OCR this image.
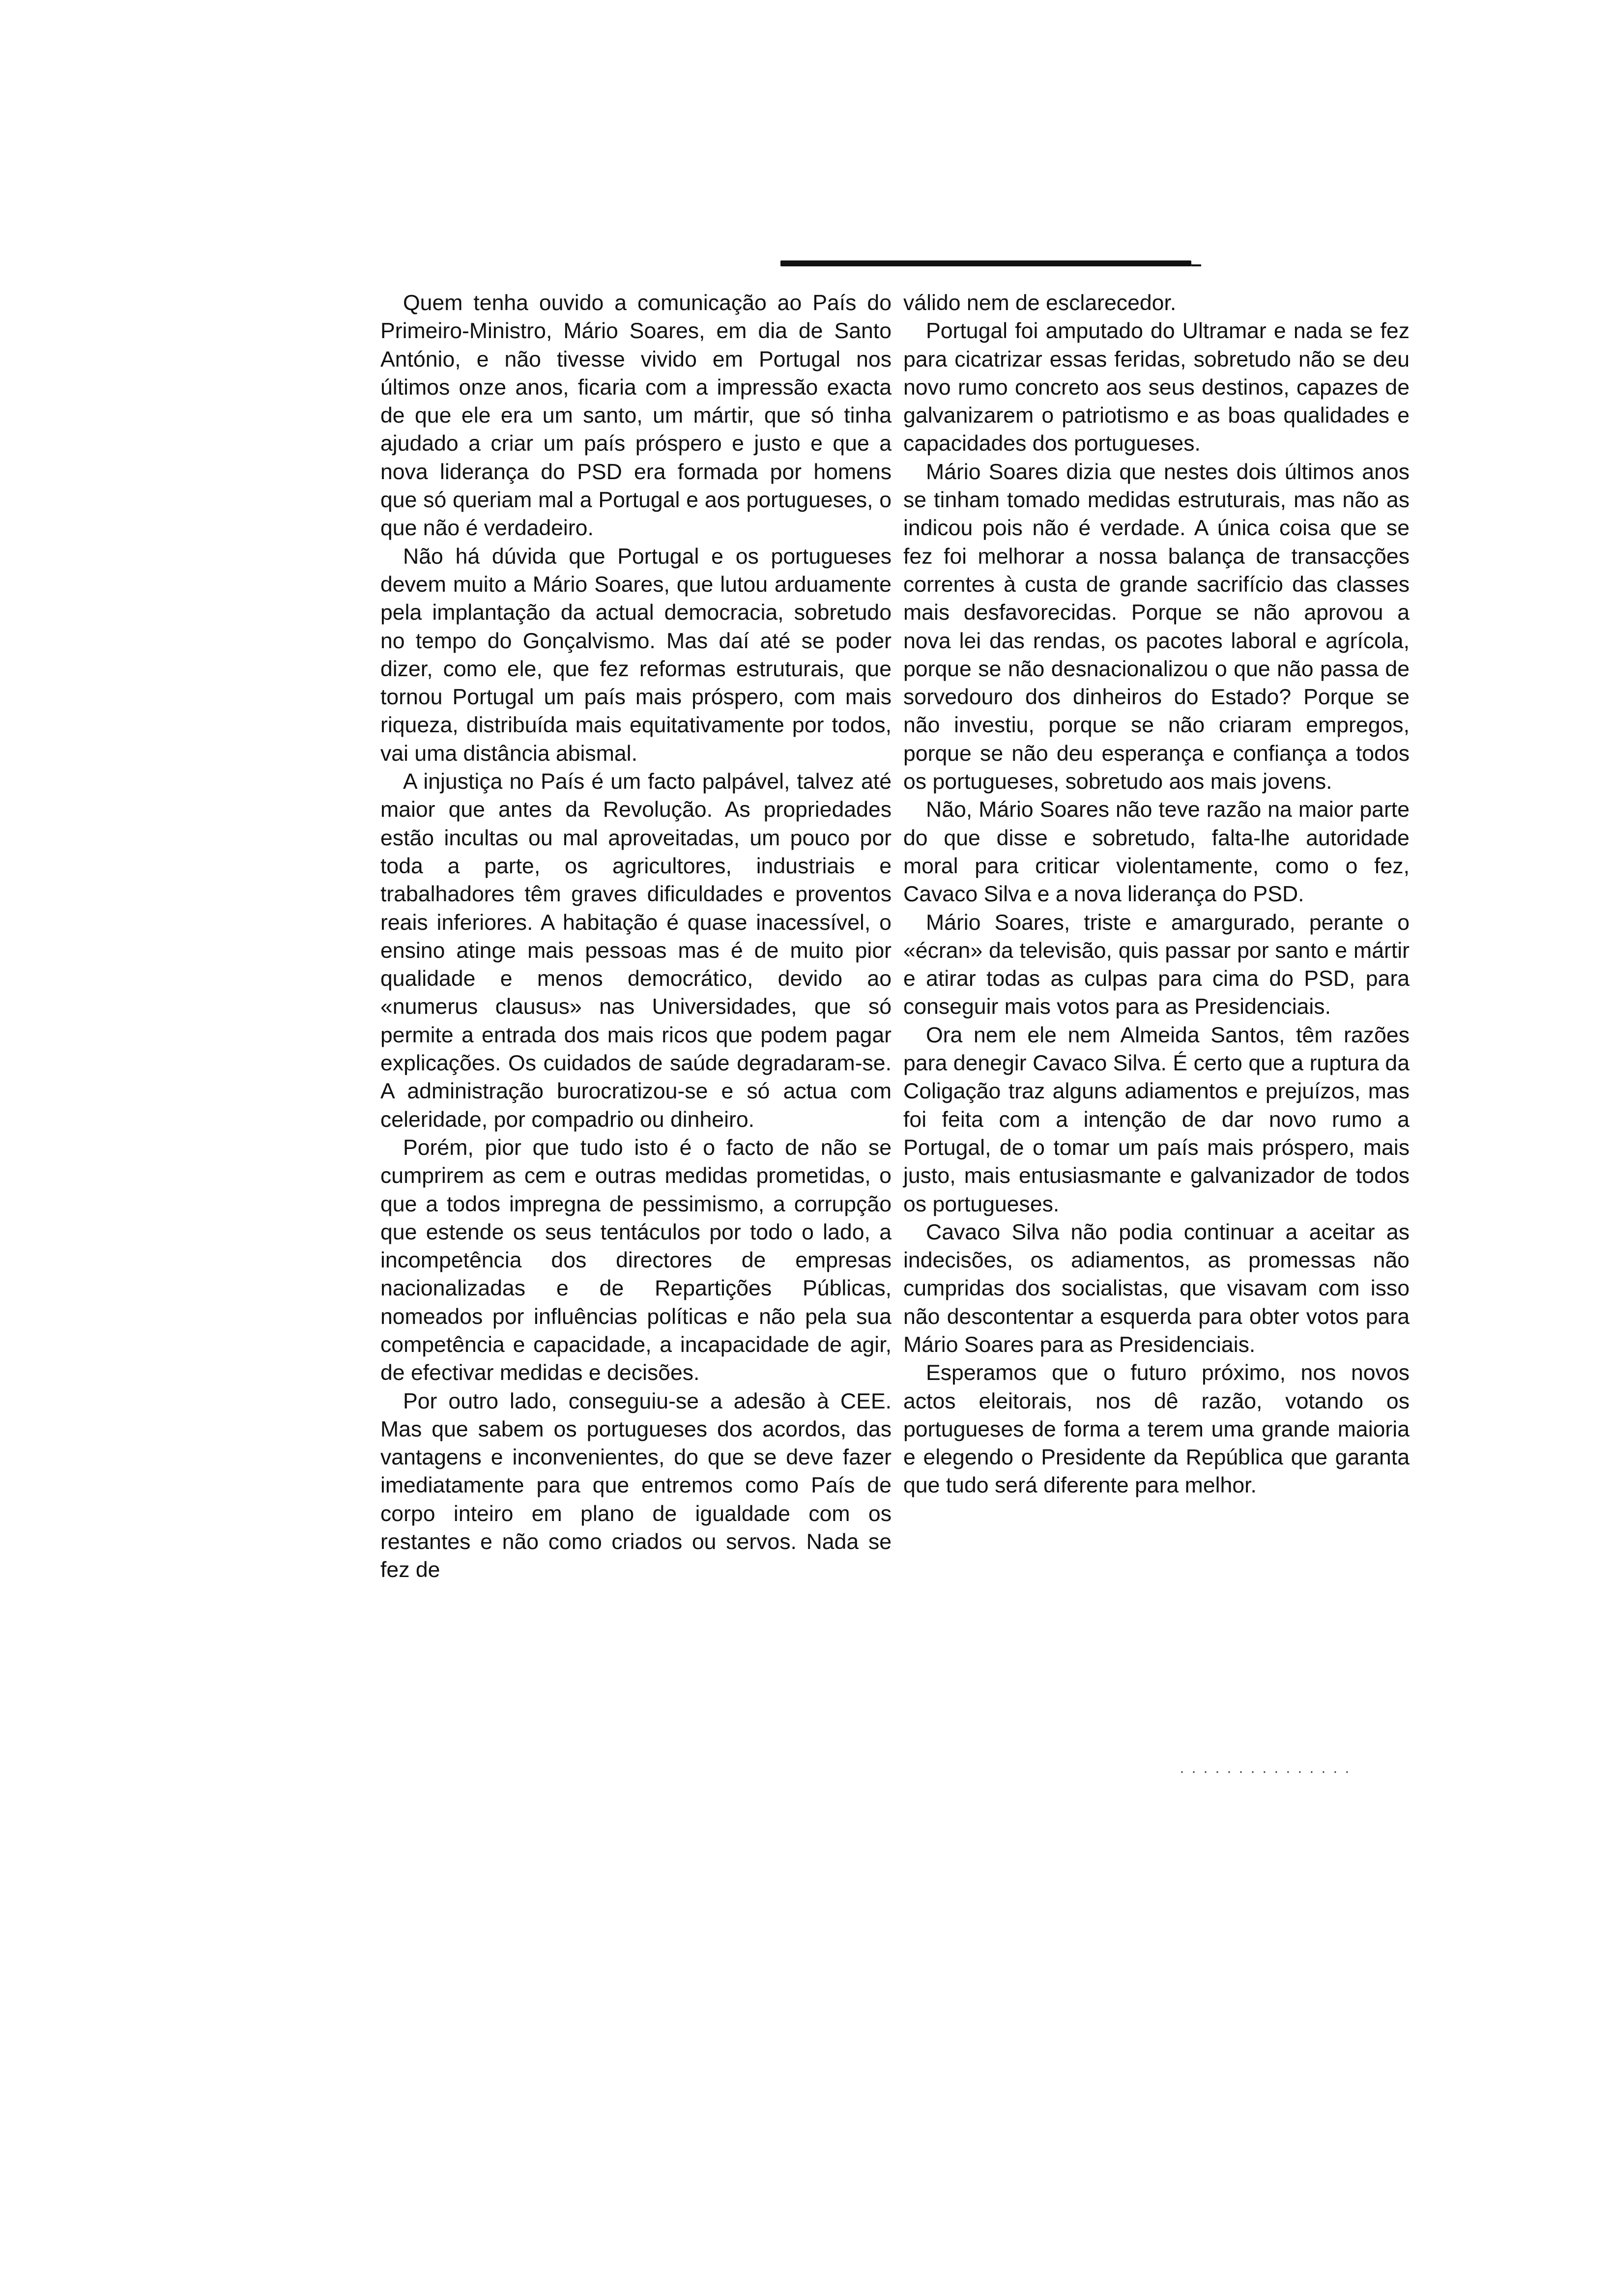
Quem tenha ouvido a comunicação ao País do Primeiro-Ministro, Mário Soares, em dia de Santo António, e não tivesse vivido em Portugal nos últimos onze anos, ficaria com a impressão exacta de que ele era um santo, um mártir, que só tinha ajudado a criar um país próspero e justo e que a nova liderança do PSD era formada por homens que só queriam mal a Portugal e aos portugueses, o que não é verdadeiro.

Não há dúvida que Portugal e os portugueses devem muito a Mário Soares, que lutou arduamente pela implantação da actual democracia, sobretudo no tempo do Gonçalvismo. Mas daí até se poder dizer, como ele, que fez reformas estruturais, que tornou Portugal um país mais próspero, com mais riqueza, distribuída mais equitativamente por todos, vai uma distância abismal.

A injustiça no País é um facto palpável, talvez até maior que antes da Revolução. As propriedades estão incultas ou mal aproveitadas, um pouco por toda a parte, os agricultores, industriais e trabalhadores têm graves dificuldades e proventos reais inferiores. A habitação é quase inacessível, o ensino atinge mais pessoas mas é de muito pior qualidade e menos democrático, devido ao «numerus clausus» nas Universidades, que só permite a entrada dos mais ricos que podem pagar explicações. Os cuidados de saúde degradaram-se. A administração burocratizou-se e só actua com celeridade, por compadrio ou dinheiro.

Porém, pior que tudo isto é o facto de não se cumprirem as cem e outras medidas prometidas, o que a todos impregna de pessimismo, a corrupção que estende os seus tentáculos por todo o lado, a incompetência dos directores de empresas nacionalizadas e de Repartições Públicas, nomeados por influências políticas e não pela sua competência e capacidade, a incapacidade de agir, de efectivar medidas e decisões.

Por outro lado, conseguiu-se a adesão à CEE. Mas que sabem os portugueses dos acordos, das vantagens e inconvenientes, do que se deve fazer imediatamente para que entremos como País de corpo inteiro em plano de igualdade com os restantes e não como criados ou servos. Nada se fez de

válido nem de esclarecedor.

Portugal foi amputado do Ultramar e nada se fez para cicatrizar essas feridas, sobretudo não se deu novo rumo concreto aos seus destinos, capazes de galvanizarem o patriotismo e as boas qualidades e capacidades dos portugueses.

Mário Soares dizia que nestes dois últimos anos se tinham tomado medidas estruturais, mas não as indicou pois não é verdade. A única coisa que se fez foi melhorar a nossa balança de transacções correntes à custa de grande sacrifício das classes mais desfavorecidas. Porque se não aprovou a nova lei das rendas, os pacotes laboral e agrícola, porque se não desnacionalizou o que não passa de sorvedouro dos dinheiros do Estado? Porque se não investiu, porque se não criaram empregos, porque se não deu esperança e confiança a todos os portugueses, sobretudo aos mais jovens.

Não, Mário Soares não teve razão na maior parte do que disse e sobretudo, falta-lhe autoridade moral para criticar violentamente, como o fez, Cavaco Silva e a nova liderança do PSD.

Mário Soares, triste e amargurado, perante o «écran» da televisão, quis passar por santo e mártir e atirar todas as culpas para cima do PSD, para conseguir mais votos para as Presidenciais.

Ora nem ele nem Almeida Santos, têm razões para denegir Cavaco Silva. É certo que a ruptura da Coligação traz alguns adiamentos e prejuízos, mas foi feita com a intenção de dar novo rumo a Portugal, de o tomar um país mais próspero, mais justo, mais entusiasmante e galvanizador de todos os portugueses.

Cavaco Silva não podia continuar a aceitar as indecisões, os adiamentos, as promessas não cumpridas dos socialistas, que visavam com isso não descontentar a esquerda para obter votos para Mário Soares para as Presidenciais.

Esperamos que o futuro próximo, nos novos actos eleitorais, nos dê razão, votando os portugueses de forma a terem uma grande maioria e elegendo o Presidente da República que garanta que tudo será diferente para melhor.

···············
